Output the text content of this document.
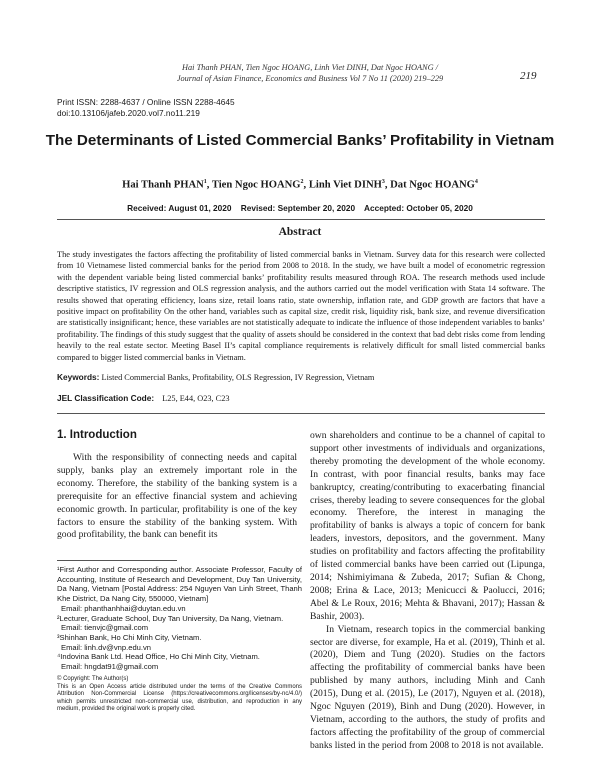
Hai Thanh PHAN, Tien Ngoc HOANG, Linh Viet DINH, Dat Ngoc HOANG /
Journal of Asian Finance, Economics and Business Vol 7 No 11 (2020) 219–229	219
Print ISSN: 2288-4637 / Online ISSN 2288-4645
doi:10.13106/jafeb.2020.vol7.no11.219
The Determinants of Listed Commercial Banks’ Profitability in Vietnam
Hai Thanh PHAN$^1$, Tien Ngoc HOANG$^2$, Linh Viet DINH$^3$, Dat Ngoc HOANG$^4$
Received: August 01, 2020    Revised: September 20, 2020    Accepted: October 05, 2020
Abstract
The study investigates the factors affecting the profitability of listed commercial banks in Vietnam. Survey data for this research were collected from 10 Vietnamese listed commercial banks for the period from 2008 to 2018. In the study, we have built a model of econometric regression with the dependent variable being listed commercial banks’ profitability results measured through ROA. The research methods used include descriptive statistics, IV regression and OLS regression analysis, and the authors carried out the model verification with Stata 14 software. The results showed that operating efficiency, loans size, retail loans ratio, state ownership, inflation rate, and GDP growth are factors that have a positive impact on profitability On the other hand, variables such as capital size, credit risk, liquidity risk, bank size, and revenue diversification are statistically insignificant; hence, these variables are not statistically adequate to indicate the influence of those independent variables to banks’ profitability. The findings of this study suggest that the quality of assets should be considered in the context that bad debt risks come from lending heavily to the real estate sector. Meeting Basel II’s capital compliance requirements is relatively difficult for small listed commercial banks compared to bigger listed commercial banks in Vietnam.
Keywords: Listed Commercial Banks, Profitability, OLS Regression, IV Regression, Vietnam
JEL Classification Code: L25, E44, O23, C23
1. Introduction

With the responsibility of connecting needs and capital supply, banks play an extremely important role in the economy. Therefore, the stability of the banking system is a prerequisite for an effective financial system and achieving economic growth. In particular, profitability is one of the key factors to ensure the stability of the banking system. With good profitability, the bank can benefit its

own shareholders and continue to be a channel of capital to support other investments of individuals and organizations, thereby promoting the development of the whole economy. In contrast, with poor financial results, banks may face bankruptcy, creating/contributing to exacerbating financial crises, thereby leading to severe consequences for the global economy. Therefore, the interest in managing the profitability of banks is always a topic of concern for bank leaders, investors, depositors, and the government. Many studies on profitability and factors affecting the profitability of listed commercial banks have been carried out (Lipunga, 2014; Nshimiyimana & Zubeda, 2017; Sufian & Chong, 2008; Erina & Lace, 2013; Menicucci & Paolucci, 2016; Abel & Le Roux, 2016; Mehta & Bhavani, 2017); Hassan & Bashir, 2003).

In Vietnam, research topics in the commercial banking sector are diverse, for example, Ha et al. (2019), Thinh et al. (2020), Diem and Tung (2020). Studies on the factors affecting the profitability of commercial banks have been published by many authors, including Minh and Canh (2015), Dung et al. (2015), Le (2017), Nguyen et al. (2018), Ngoc Nguyen (2019), Binh and Dung (2020). However, in Vietnam, according to the authors, the study of profits and factors affecting the profitability of the group of commercial banks listed in the period from 2008 to 2018 is not available.

¹First Author and Corresponding author. Associate Professor, Faculty of Accounting, Institute of Research and Development, Duy Tan University, Da Nang, Vietnam [Postal Address: 254 Nguyen Van Linh Street, Thanh Khe District, Da Nang City, 550000, Vietnam]

Email: phanthanhhai@duytan.edu.vn

²Lecturer, Graduate School, Duy Tan University, Da Nang, Vietnam.

Email: tienvjc@gmail.com

³Shinhan Bank, Ho Chi Minh City, Vietnam.

Email: linh.dv@vnp.edu.vn

⁴Indovina Bank Ltd. Head Office, Ho Chi Minh City, Vietnam.

Email: hngdat91@gmail.com

© Copyright: The Author(s)

This is an Open Access article distributed under the terms of the Creative Commons Attribution Non-Commercial License (https://creativecommons.org/licenses/by-nc/4.0/) which permits unrestricted non-commercial use, distribution, and reproduction in any medium, provided the original work is properly cited.
